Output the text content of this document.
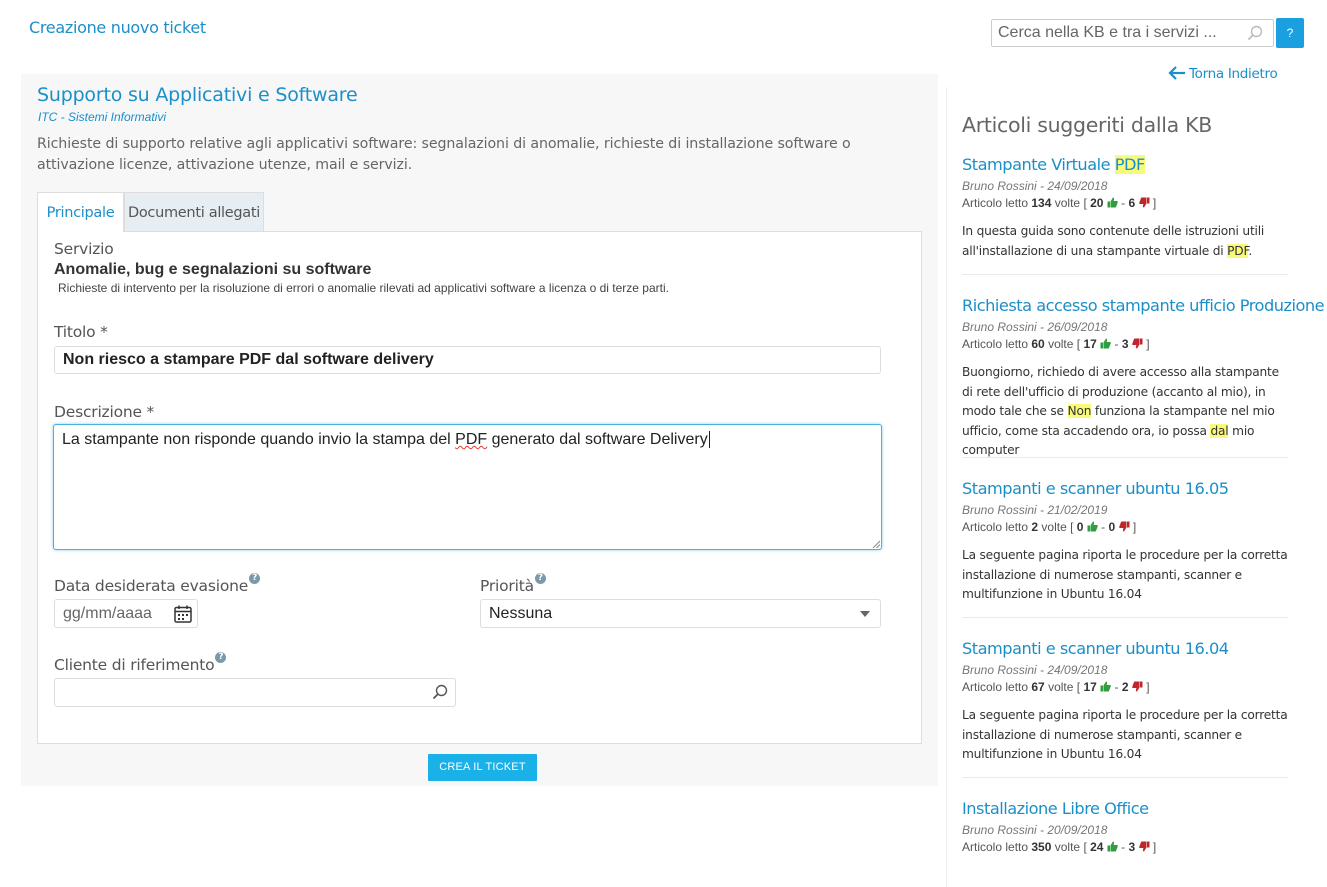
Creazione nuovo ticket
Cerca nella KB e tra i servizi ...	?
Supporto su Applicativi e Software
ITC - Sistemi Informativi
Richieste di supporto relative agli applicativi software: segnalazioni di anomalie, richieste di installazione software o attivazione licenze, attivazione utenze, mail e servizi.
Principale Documenti allegati
Servizio
Anomalie, bug e segnalazioni su software
Richieste di intervento per la risoluzione di errori o anomalie rilevati ad applicativi software a licenza o di terze parti.
Titolo *
Non riesco a stampare PDF dal software delivery
Descrizione *
La stampante non risponde quando invio la stampa del PDF generato dal software Delivery
Data desiderata evasione ?
gg/mm/aaaa
Priorità ?
Nessuna
Cliente di riferimento ?
CREA IL TICKET
Torna Indietro
Articoli suggeriti dalla KB
Stampante Virtuale PDF
Bruno Rossini - 24/09/2018
Articolo letto 134 volte [ 20  - 6  ]
In questa guida sono contenute delle istruzioni utili all'installazione di una stampante virtuale di PDF.
Richiesta accesso stampante ufficio Produzione
Bruno Rossini - 26/09/2018
Articolo letto 60 volte [ 17  - 3  ]
Buongiorno, richiedo di avere accesso alla stampante di rete dell'ufficio di produzione (accanto al mio), in modo tale che se Non funziona la stampante nel mio ufficio, come sta accadendo ora, io possa dal mio computer
Stampanti e scanner ubuntu 16.05
Bruno Rossini - 21/02/2019
Articolo letto 2 volte [ 0  - 0  ]
La seguente pagina riporta le procedure per la corretta installazione di numerose stampanti, scanner e multifunzione in Ubuntu 16.04
Stampanti e scanner ubuntu 16.04
Bruno Rossini - 24/09/2018
Articolo letto 67 volte [ 17  - 2  ]
La seguente pagina riporta le procedure per la corretta installazione di numerose stampanti, scanner e multifunzione in Ubuntu 16.04
Installazione Libre Office
Bruno Rossini - 20/09/2018
Articolo letto 350 volte [ 24  - 3  ]
